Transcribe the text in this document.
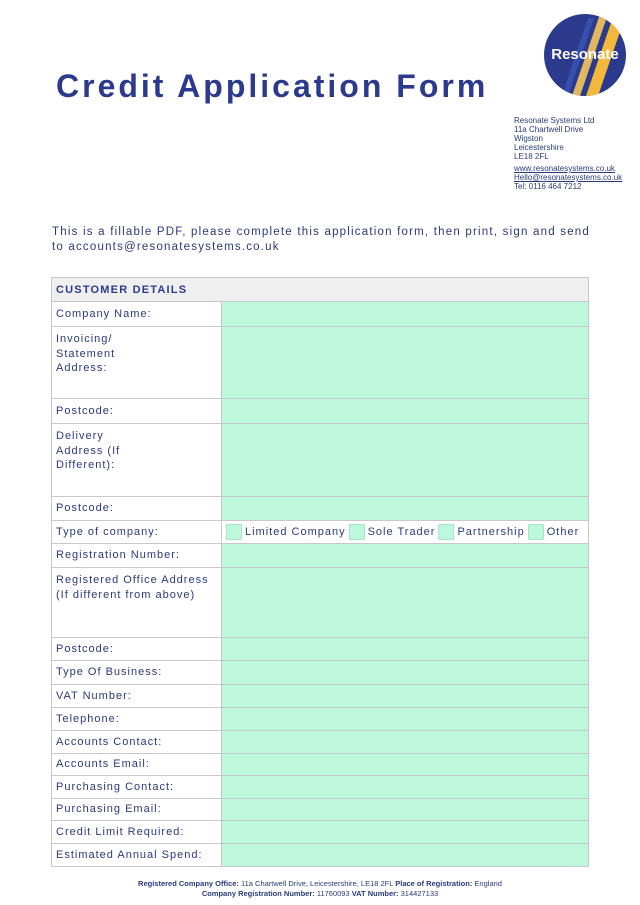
Credit Application Form
Resonate
Resonate Systems Ltd
11a Chartwell Drive
Wigston
Leicestershire
LE18 2FL
www.resonatesystems.co.uk
Hello@resonatesystems.co.uk
Tel: 0116 464 7212
This is a fillable PDF, please complete this application form, then print, sign and send to accounts@resonatesystems.co.uk
CUSTOMER DETAILS
Company Name:
Invoicing/ Statement Address:
Postcode:
Delivery Address (If Different):
Postcode:
Type of company:	Limited Company Sole Trader Partnership Other
Registration Number:
Registered Office Address (If different from above)
Postcode:
Type Of Business:
VAT Number:
Telephone:
Accounts Contact:
Accounts Email:
Purchasing Contact:
Purchasing Email:
Credit Limit Required:
Estimated Annual Spend:
Registered Company Office: 11a Chartwell Drive, Leicestershire, LE18 2FL Place of Registration: England
Company Registration Number: 11760093 VAT Number: 314427133
